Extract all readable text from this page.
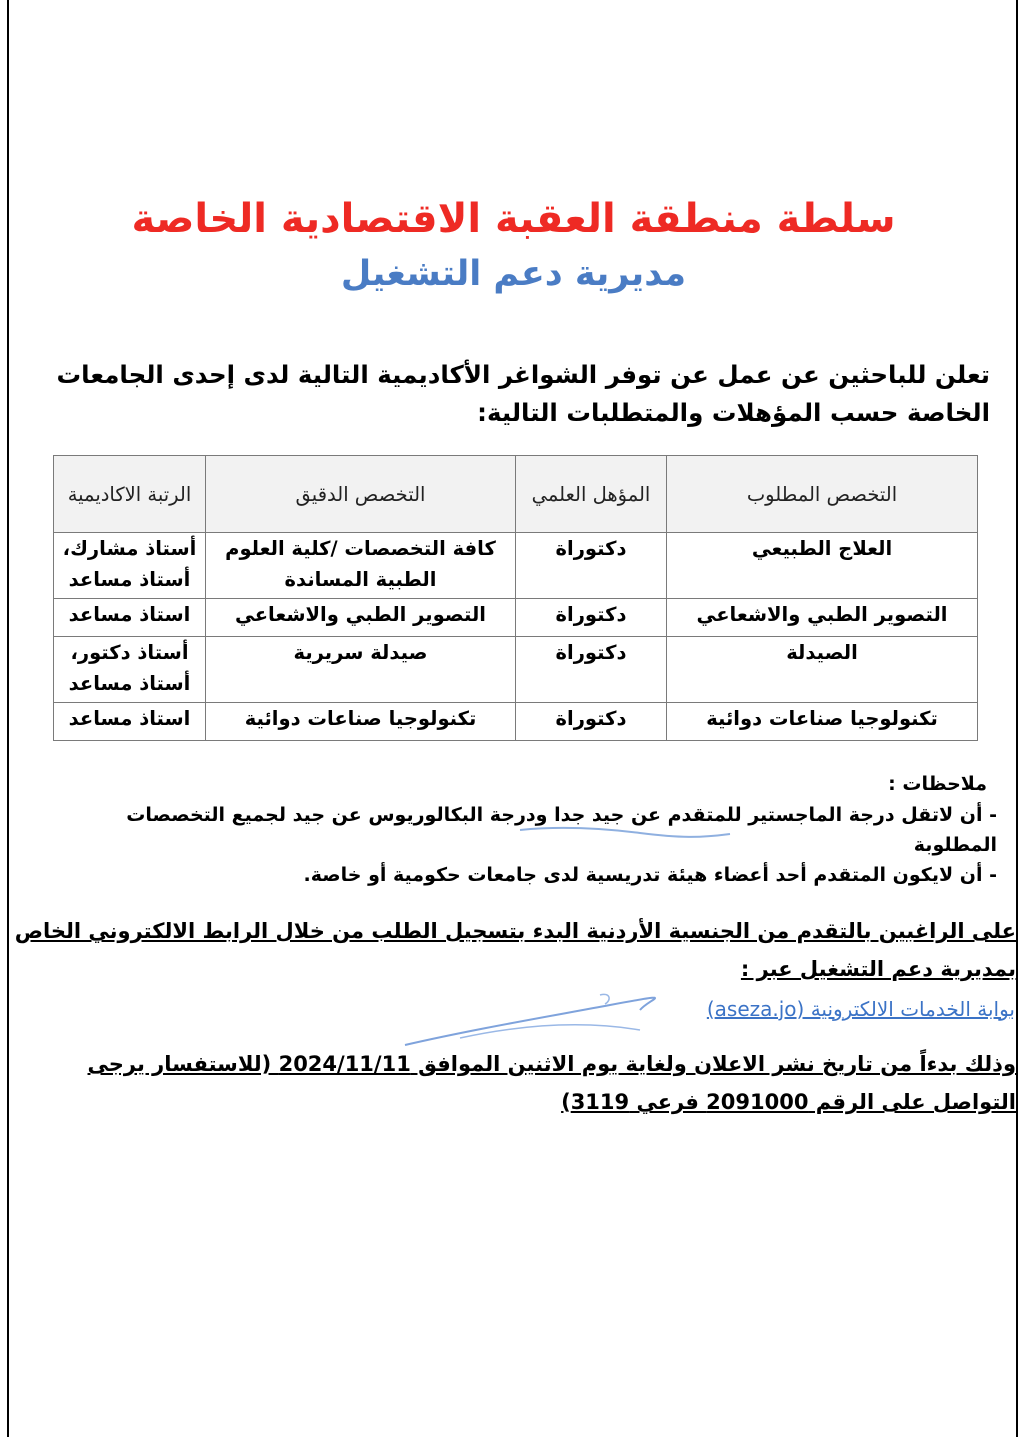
سلطة منطقة العقبة الاقتصادية الخاصة
مديرية دعم التشغيل
تعلن للباحثين عن عمل عن توفر الشواغر الأكاديمية التالية لدى إحدى الجامعات الخاصة حسب المؤهلات والمتطلبات التالية:
التخصص المطلوب	المؤهل العلمي	التخصص الدقيق	الرتبة الاكاديمية
العلاج الطبيعي	دكتوراة	كافة التخصصات /كلية العلوم الطبية المساندة	أستاذ مشارك، أستاذ مساعد
التصوير الطبي والاشعاعي	دكتوراة	التصوير الطبي والاشعاعي	استاذ مساعد
الصيدلة	دكتوراة	صيدلة سريرية	أستاذ دكتور، أستاذ مساعد
تكنولوجيا صناعات دوائية	دكتوراة	تكنولوجيا صناعات دوائية	استاذ مساعد
ملاحظات :
- أن لاتقل درجة الماجستير للمتقدم عن جيد جدا ودرجة البكالوريوس عن جيد لجميع التخصصات المطلوبة
- أن لايكون المتقدم أحد أعضاء هيئة تدريسية لدى جامعات حكومية أو خاصة.
على الراغبين بالتقدم من الجنسية الأردنية البدء بتسجيل الطلب من خلال الرابط الالكتروني الخاص بمديرية دعم التشغيل عبر :
بوابة الخدمات الالكترونية (aseza.jo)
وذلك بدءاً من تاريخ نشر الاعلان ولغاية يوم الاثنين الموافق 2024/11/11 (للاستفسار يرجى التواصل على الرقم 2091000 فرعي 3119)
